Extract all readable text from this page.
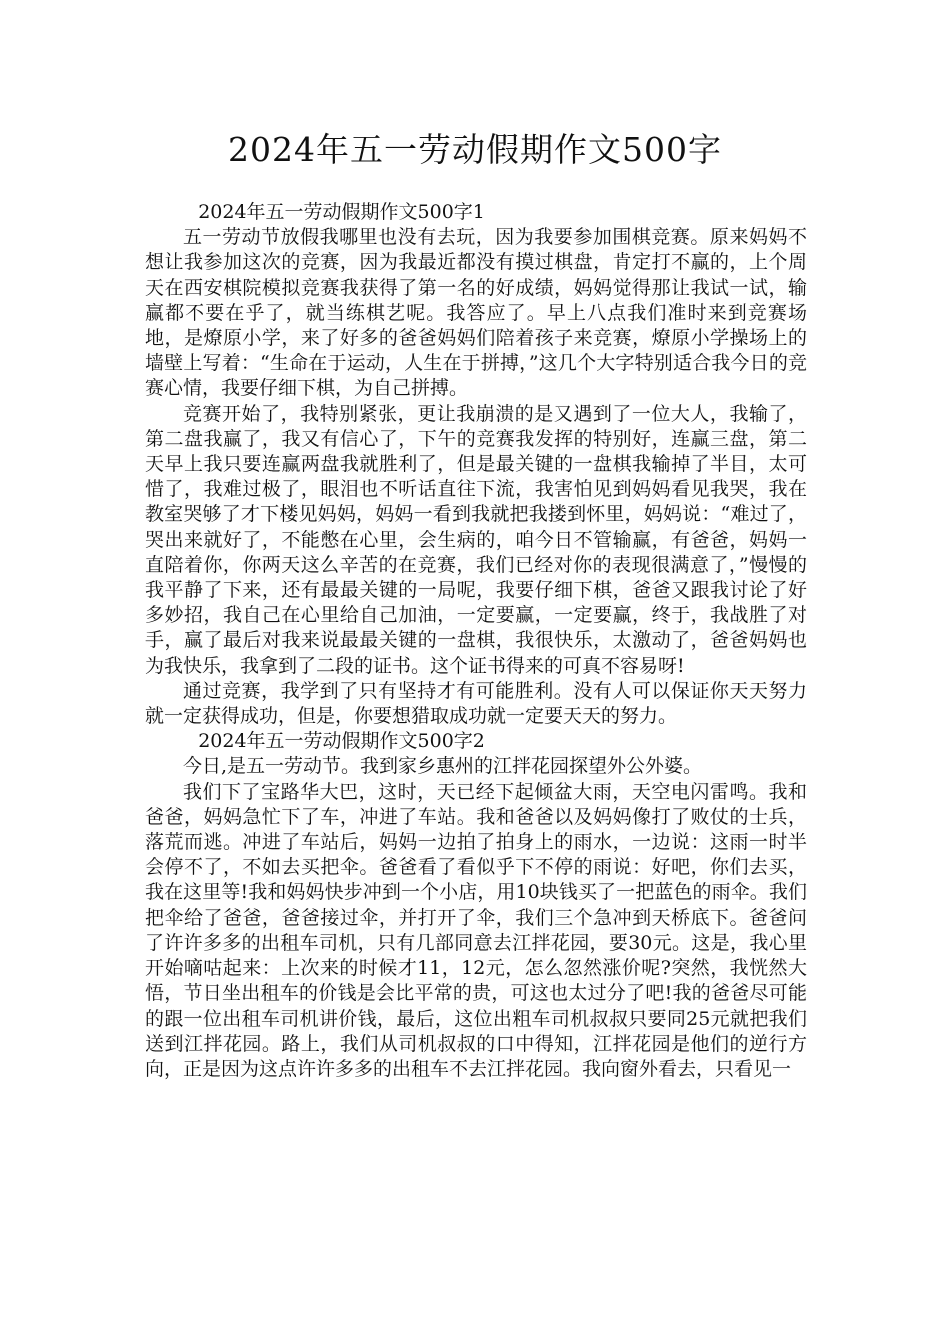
2024年五一劳动假期作文500字

2024年五一劳动假期作文500字1

五一劳动节放假我哪里也没有去玩，因为我要参加围棋竞赛。原来妈妈不想让我参加这次的竞赛，因为我最近都没有摸过棋盘，肯定打不赢的，上个周天在西安棋院模拟竞赛我获得了第一名的好成绩，妈妈觉得那让我试一试，输赢都不要在乎了，就当练棋艺呢。我答应了。早上八点我们准时来到竞赛场地，是燎原小学，来了好多的爸爸妈妈们陪着孩子来竞赛，燎原小学操场上的墙壁上写着：“生命在于运动，人生在于拼搏，”这几个大字特别适合我今日的竞赛心情，我要仔细下棋，为自己拼搏。

竞赛开始了，我特别紧张，更让我崩溃的是又遇到了一位大人，我输了，第二盘我赢了，我又有信心了，下午的竞赛我发挥的特别好，连赢三盘，第二天早上我只要连赢两盘我就胜利了，但是最关键的一盘棋我输掉了半目，太可惜了，我难过极了，眼泪也不听话直往下流，我害怕见到妈妈看见我哭，我在教室哭够了才下楼见妈妈，妈妈一看到我就把我搂到怀里，妈妈说：“难过了，哭出来就好了，不能憋在心里，会生病的，咱今日不管输赢，有爸爸，妈妈一直陪着你，你两天这么辛苦的在竞赛，我们已经对你的表现很满意了，”慢慢的我平静了下来，还有最最关键的一局呢，我要仔细下棋，爸爸又跟我讨论了好多妙招，我自己在心里给自己加油，一定要赢，一定要赢，终于，我战胜了对手，赢了最后对我来说最最关键的一盘棋，我很快乐，太激动了，爸爸妈妈也为我快乐，我拿到了二段的证书。这个证书得来的可真不容易呀!

通过竞赛，我学到了只有坚持才有可能胜利。没有人可以保证你天天努力就一定获得成功，但是，你要想猎取成功就一定要天天的努力。

2024年五一劳动假期作文500字2

今日,是五一劳动节。我到家乡惠州的江拌花园探望外公外婆。

我们下了宝路华大巴，这时，天已经下起倾盆大雨，天空电闪雷鸣。我和爸爸，妈妈急忙下了车，冲进了车站。我和爸爸以及妈妈像打了败仗的士兵，落荒而逃。冲进了车站后，妈妈一边拍了拍身上的雨水，一边说：这雨一时半会停不了，不如去买把伞。爸爸看了看似乎下不停的雨说：好吧，你们去买，我在这里等!我和妈妈快步冲到一个小店，用10块钱买了一把蓝色的雨伞。我们把伞给了爸爸，爸爸接过伞，并打开了伞，我们三个急冲到天桥底下。爸爸问了许许多多的出租车司机，只有几部同意去江拌花园，要30元。这是，我心里开始嘀咕起来：上次来的时候才11，12元，怎么忽然涨价呢?突然，我恍然大悟，节日坐出租车的价钱是会比平常的贵，可这也太过分了吧!我的爸爸尽可能的跟一位出租车司机讲价钱，最后，这位出粗车司机叔叔只要同25元就把我们送到江拌花园。路上，我们从司机叔叔的口中得知，江拌花园是他们的逆行方向，正是因为这点许许多多的出租车不去江拌花园。我向窗外看去，只看见一
